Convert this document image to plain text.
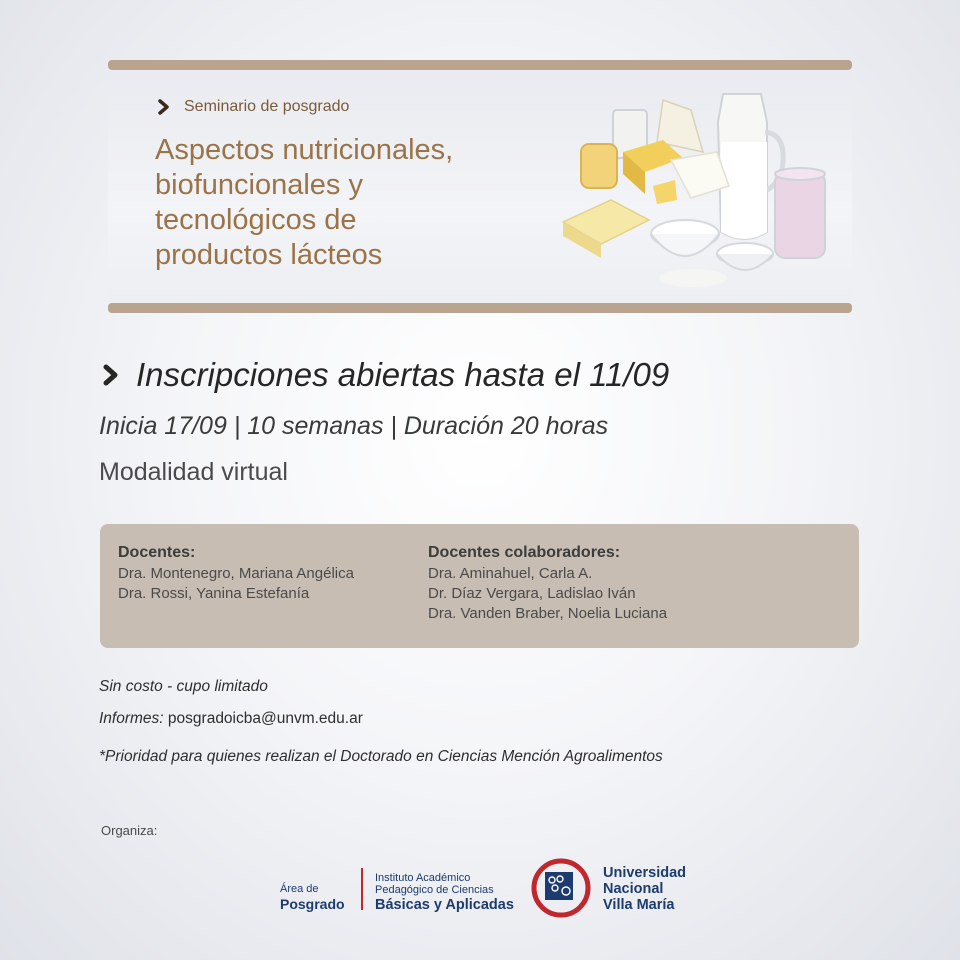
Seminario de posgrado
Aspectos nutricionales,
biofuncionales y
tecnológicos de
productos lácteos
Inscripciones abiertas hasta el 11/09
Inicia 17/09 | 10 semanas | Duración 20 horas
Modalidad virtual
Docentes:

Dra. Montenegro, Mariana Angélica

Dra. Rossi, Yanina Estefanía

Docentes colaboradores:

Dra. Aminahuel, Carla A.

Dr. Díaz Vergara, Ladislao Iván

Dra. Vanden Braber, Noelia Luciana

Sin costo - cupo limitado
Informes: posgradoicba@unvm.edu.ar
*Prioridad para quienes realizan el Doctorado en Ciencias Mención Agroalimentos
Organiza:
Área de
Posgrado
Instituto Académico
Pedagógico de Ciencias
Básicas y Aplicadas
Universidad
Nacional
Villa María
